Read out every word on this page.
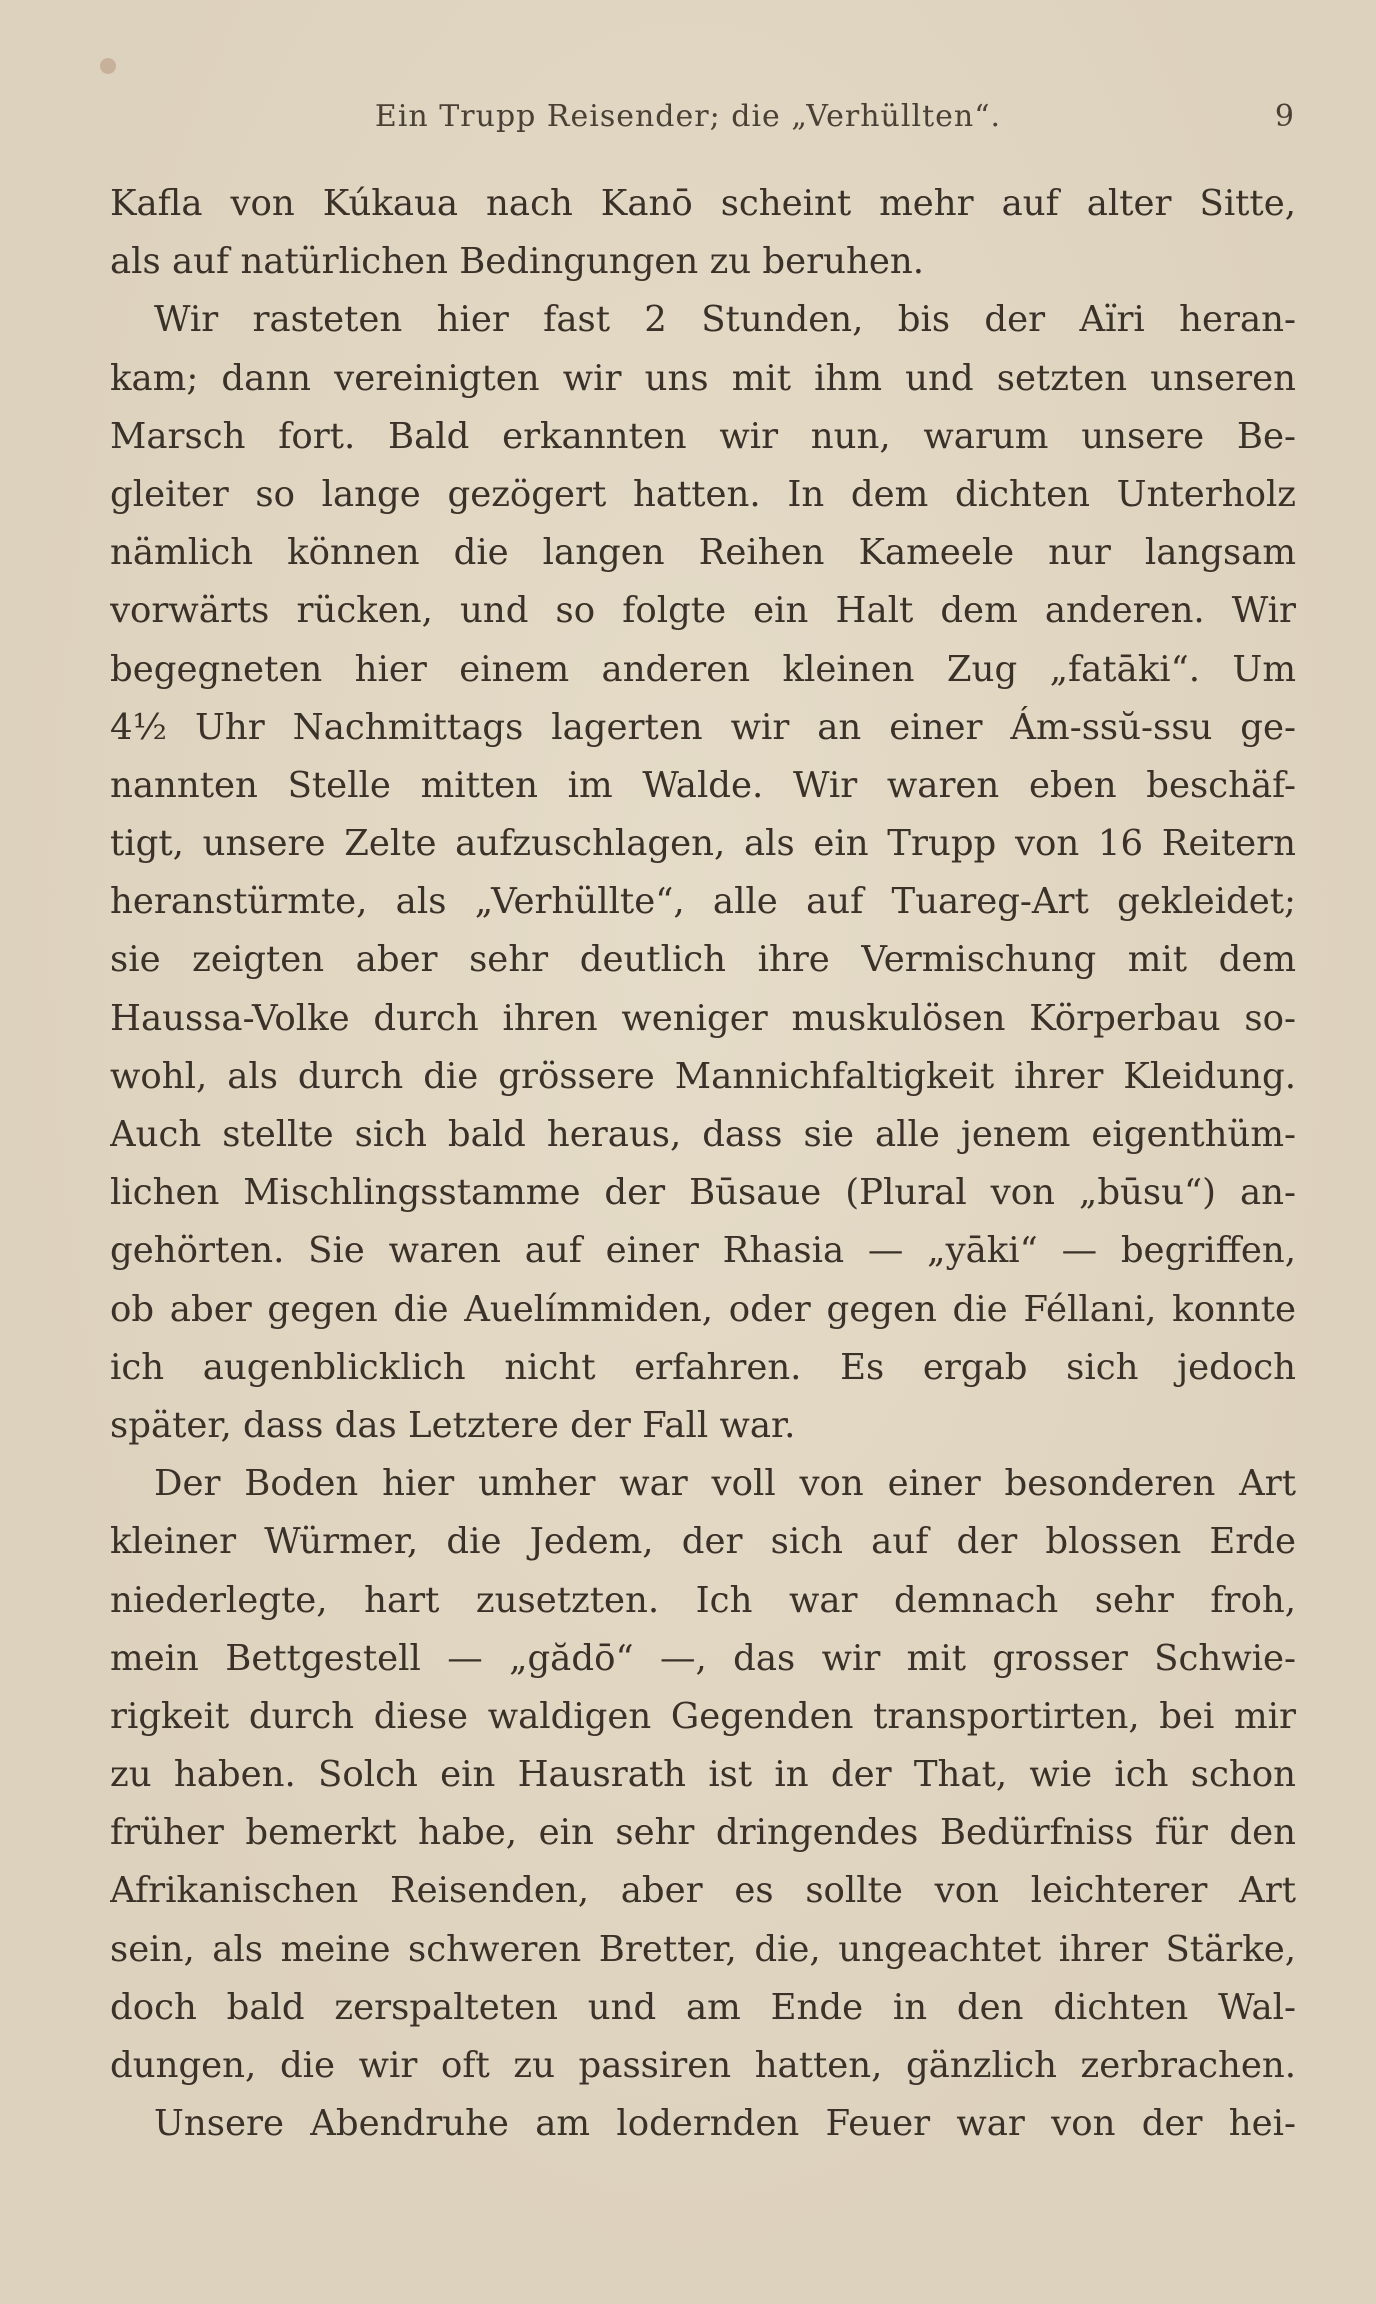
Ein Trupp Reisender; die „Verhüllten“.	9
Kafla von Kúkaua nach Kanō scheint mehr auf alter Sitte,
als auf natürlichen Bedingungen zu beruhen.
Wir rasteten hier fast 2 Stunden, bis der Aïri heran-
kam; dann vereinigten wir uns mit ihm und setzten unseren
Marsch fort. Bald erkannten wir nun, warum unsere Be-
gleiter so lange gezögert hatten. In dem dichten Unterholz
nämlich können die langen Reihen Kameele nur langsam
vorwärts rücken, und so folgte ein Halt dem anderen. Wir
begegneten hier einem anderen kleinen Zug „fatāki“. Um
4½ Uhr Nachmittags lagerten wir an einer Ám-ssŭ-ssu ge-
nannten Stelle mitten im Walde. Wir waren eben beschäf-
tigt, unsere Zelte aufzuschlagen, als ein Trupp von 16 Reitern
heranstürmte, als „Verhüllte“, alle auf Tuareg-Art gekleidet;
sie zeigten aber sehr deutlich ihre Vermischung mit dem
Haussa-Volke durch ihren weniger muskulösen Körperbau so-
wohl, als durch die grössere Mannichfaltigkeit ihrer Kleidung.
Auch stellte sich bald heraus, dass sie alle jenem eigenthüm-
lichen Mischlingsstamme der Būsaue (Plural von „būsu“) an-
gehörten. Sie waren auf einer Rhasia — „yāki“ — begriffen,
ob aber gegen die Auelímmiden, oder gegen die Féllani, konnte
ich augenblicklich nicht erfahren. Es ergab sich jedoch
später, dass das Letztere der Fall war.
Der Boden hier umher war voll von einer besonderen Art
kleiner Würmer, die Jedem, der sich auf der blossen Erde
niederlegte, hart zusetzten. Ich war demnach sehr froh,
mein Bettgestell — „gădō“ —, das wir mit grosser Schwie-
rigkeit durch diese waldigen Gegenden transportirten, bei mir
zu haben. Solch ein Hausrath ist in der That, wie ich schon
früher bemerkt habe, ein sehr dringendes Bedürfniss für den
Afrikanischen Reisenden, aber es sollte von leichterer Art
sein, als meine schweren Bretter, die, ungeachtet ihrer Stärke,
doch bald zerspalteten und am Ende in den dichten Wal-
dungen, die wir oft zu passiren hatten, gänzlich zerbrachen.
Unsere Abendruhe am lodernden Feuer war von der hei-
